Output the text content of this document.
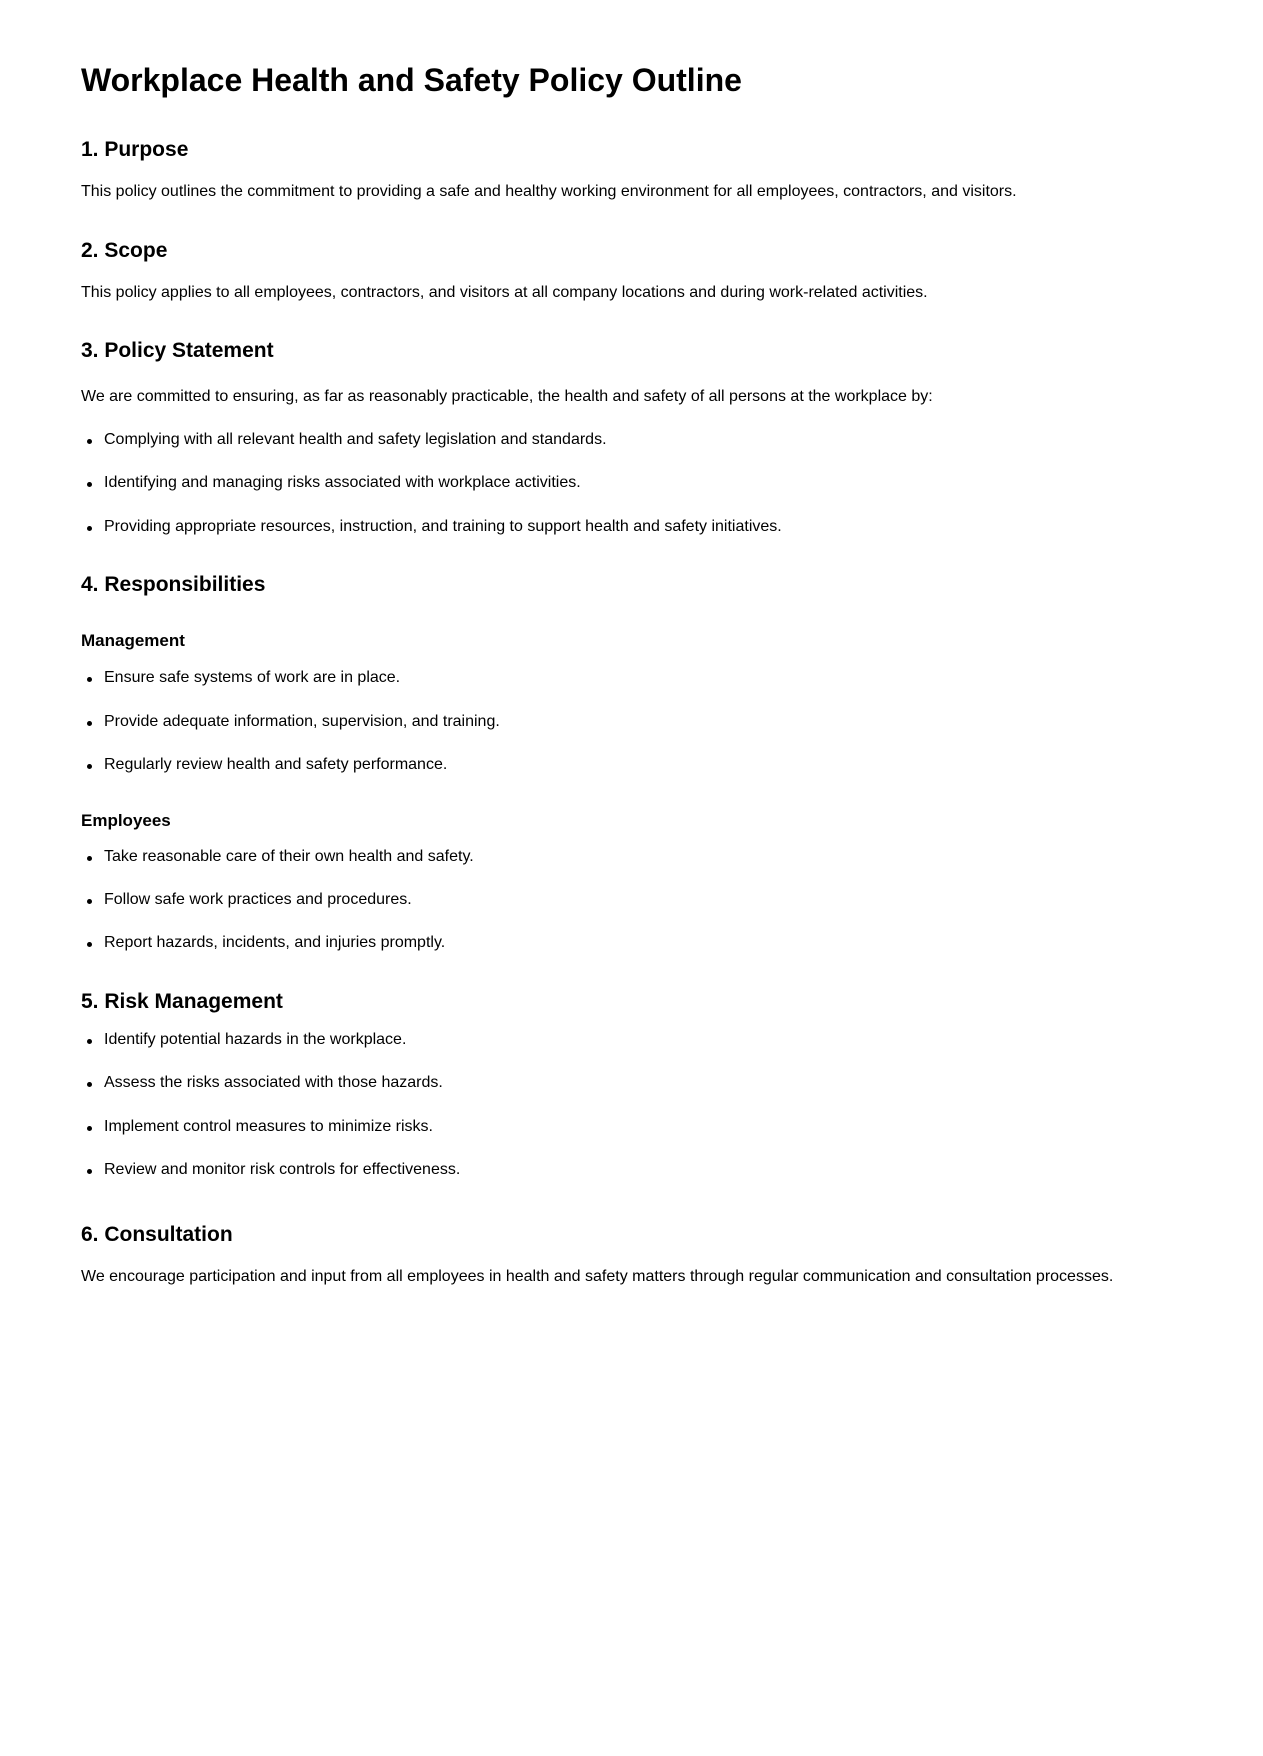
Workplace Health and Safety Policy Outline
1. Purpose

This policy outlines the commitment to providing a safe and healthy working environment for all employees, contractors, and visitors.

2. Scope

This policy applies to all employees, contractors, and visitors at all company locations and during work-related activities.

3. Policy Statement

We are committed to ensuring, as far as reasonably practicable, the health and safety of all persons at the workplace by:

Complying with all relevant health and safety legislation and standards.
Identifying and managing risks associated with workplace activities.
Providing appropriate resources, instruction, and training to support health and safety initiatives.
4. Responsibilities
Management
Ensure safe systems of work are in place.
Provide adequate information, supervision, and training.
Regularly review health and safety performance.
Employees
Take reasonable care of their own health and safety.
Follow safe work practices and procedures.
Report hazards, incidents, and injuries promptly.
5. Risk Management
Identify potential hazards in the workplace.
Assess the risks associated with those hazards.
Implement control measures to minimize risks.
Review and monitor risk controls for effectiveness.
6. Consultation

We encourage participation and input from all employees in health and safety matters through regular communication and consultation processes.
